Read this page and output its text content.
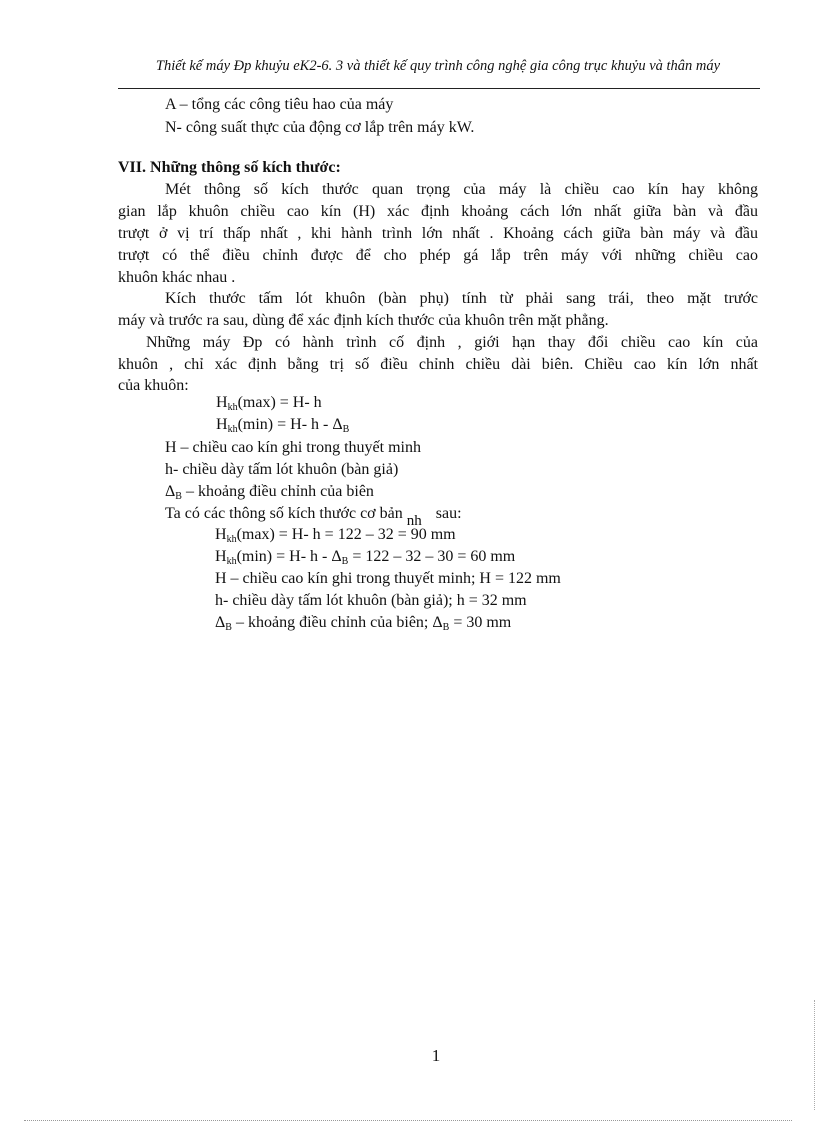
Thiết kế máy Đp khuỷu eK2-6. 3 và thiết kế quy trình công nghệ gia công trục khuỷu và thân máy
A – tổng các công tiêu hao của máy
N- công suất thực của động cơ lắp trên máy kW.
VII. Những thông số kích thước:
Mét thông số kích thước quan trọng của máy là chiều cao kín hay không
gian lắp khuôn chiều cao kín (H) xác định khoảng cách lớn nhất giữa bàn và đầu
trượt ở vị trí thấp nhất , khi hành trình lớn nhất . Khoảng cách giữa bàn máy và đầu
trượt có thể điều chỉnh được để cho phép gá lắp trên máy với những chiều cao
khuôn khác nhau .
Kích thước tấm lót khuôn (bàn phụ) tính từ phải sang trái, theo mặt trước
máy và trước ra sau, dùng để xác định kích thước của khuôn trên mặt phẳng.
Những máy Đp có hành trình cố định , giới hạn thay đổi chiều cao kín của
khuôn , chỉ xác định bằng trị số điều chỉnh chiều dài biên. Chiều cao kín lớn nhất
của khuôn:
$H_{kh}(\max) = H-$ h
$H_{kh}(\min) = H-$ h - $\Delta_B$
H – chiều cao kín ghi trong thuyết minh
h- chiều dày tấm lót khuôn (bàn giả)
$\Delta_B$ – khoảng điều chỉnh của biên
Ta có các thông số kích thước cơ bản $_{nh}$ sau:
$H_{kh}(\max) = H-$ h = 122 – 32 = 90 mm
$H_{kh}(\min) = H-$ $h - \Delta_B = 122 - 32 - 30 = 60$ mm
H – chiều cao kín ghi trong thuyết minh; H = 122 mm
h- chiều dày tấm lót khuôn (bàn giả); h = 32 mm
$\Delta_B$ – khoảng điều chỉnh của biên; $\Delta_B = 30$ mm
1
